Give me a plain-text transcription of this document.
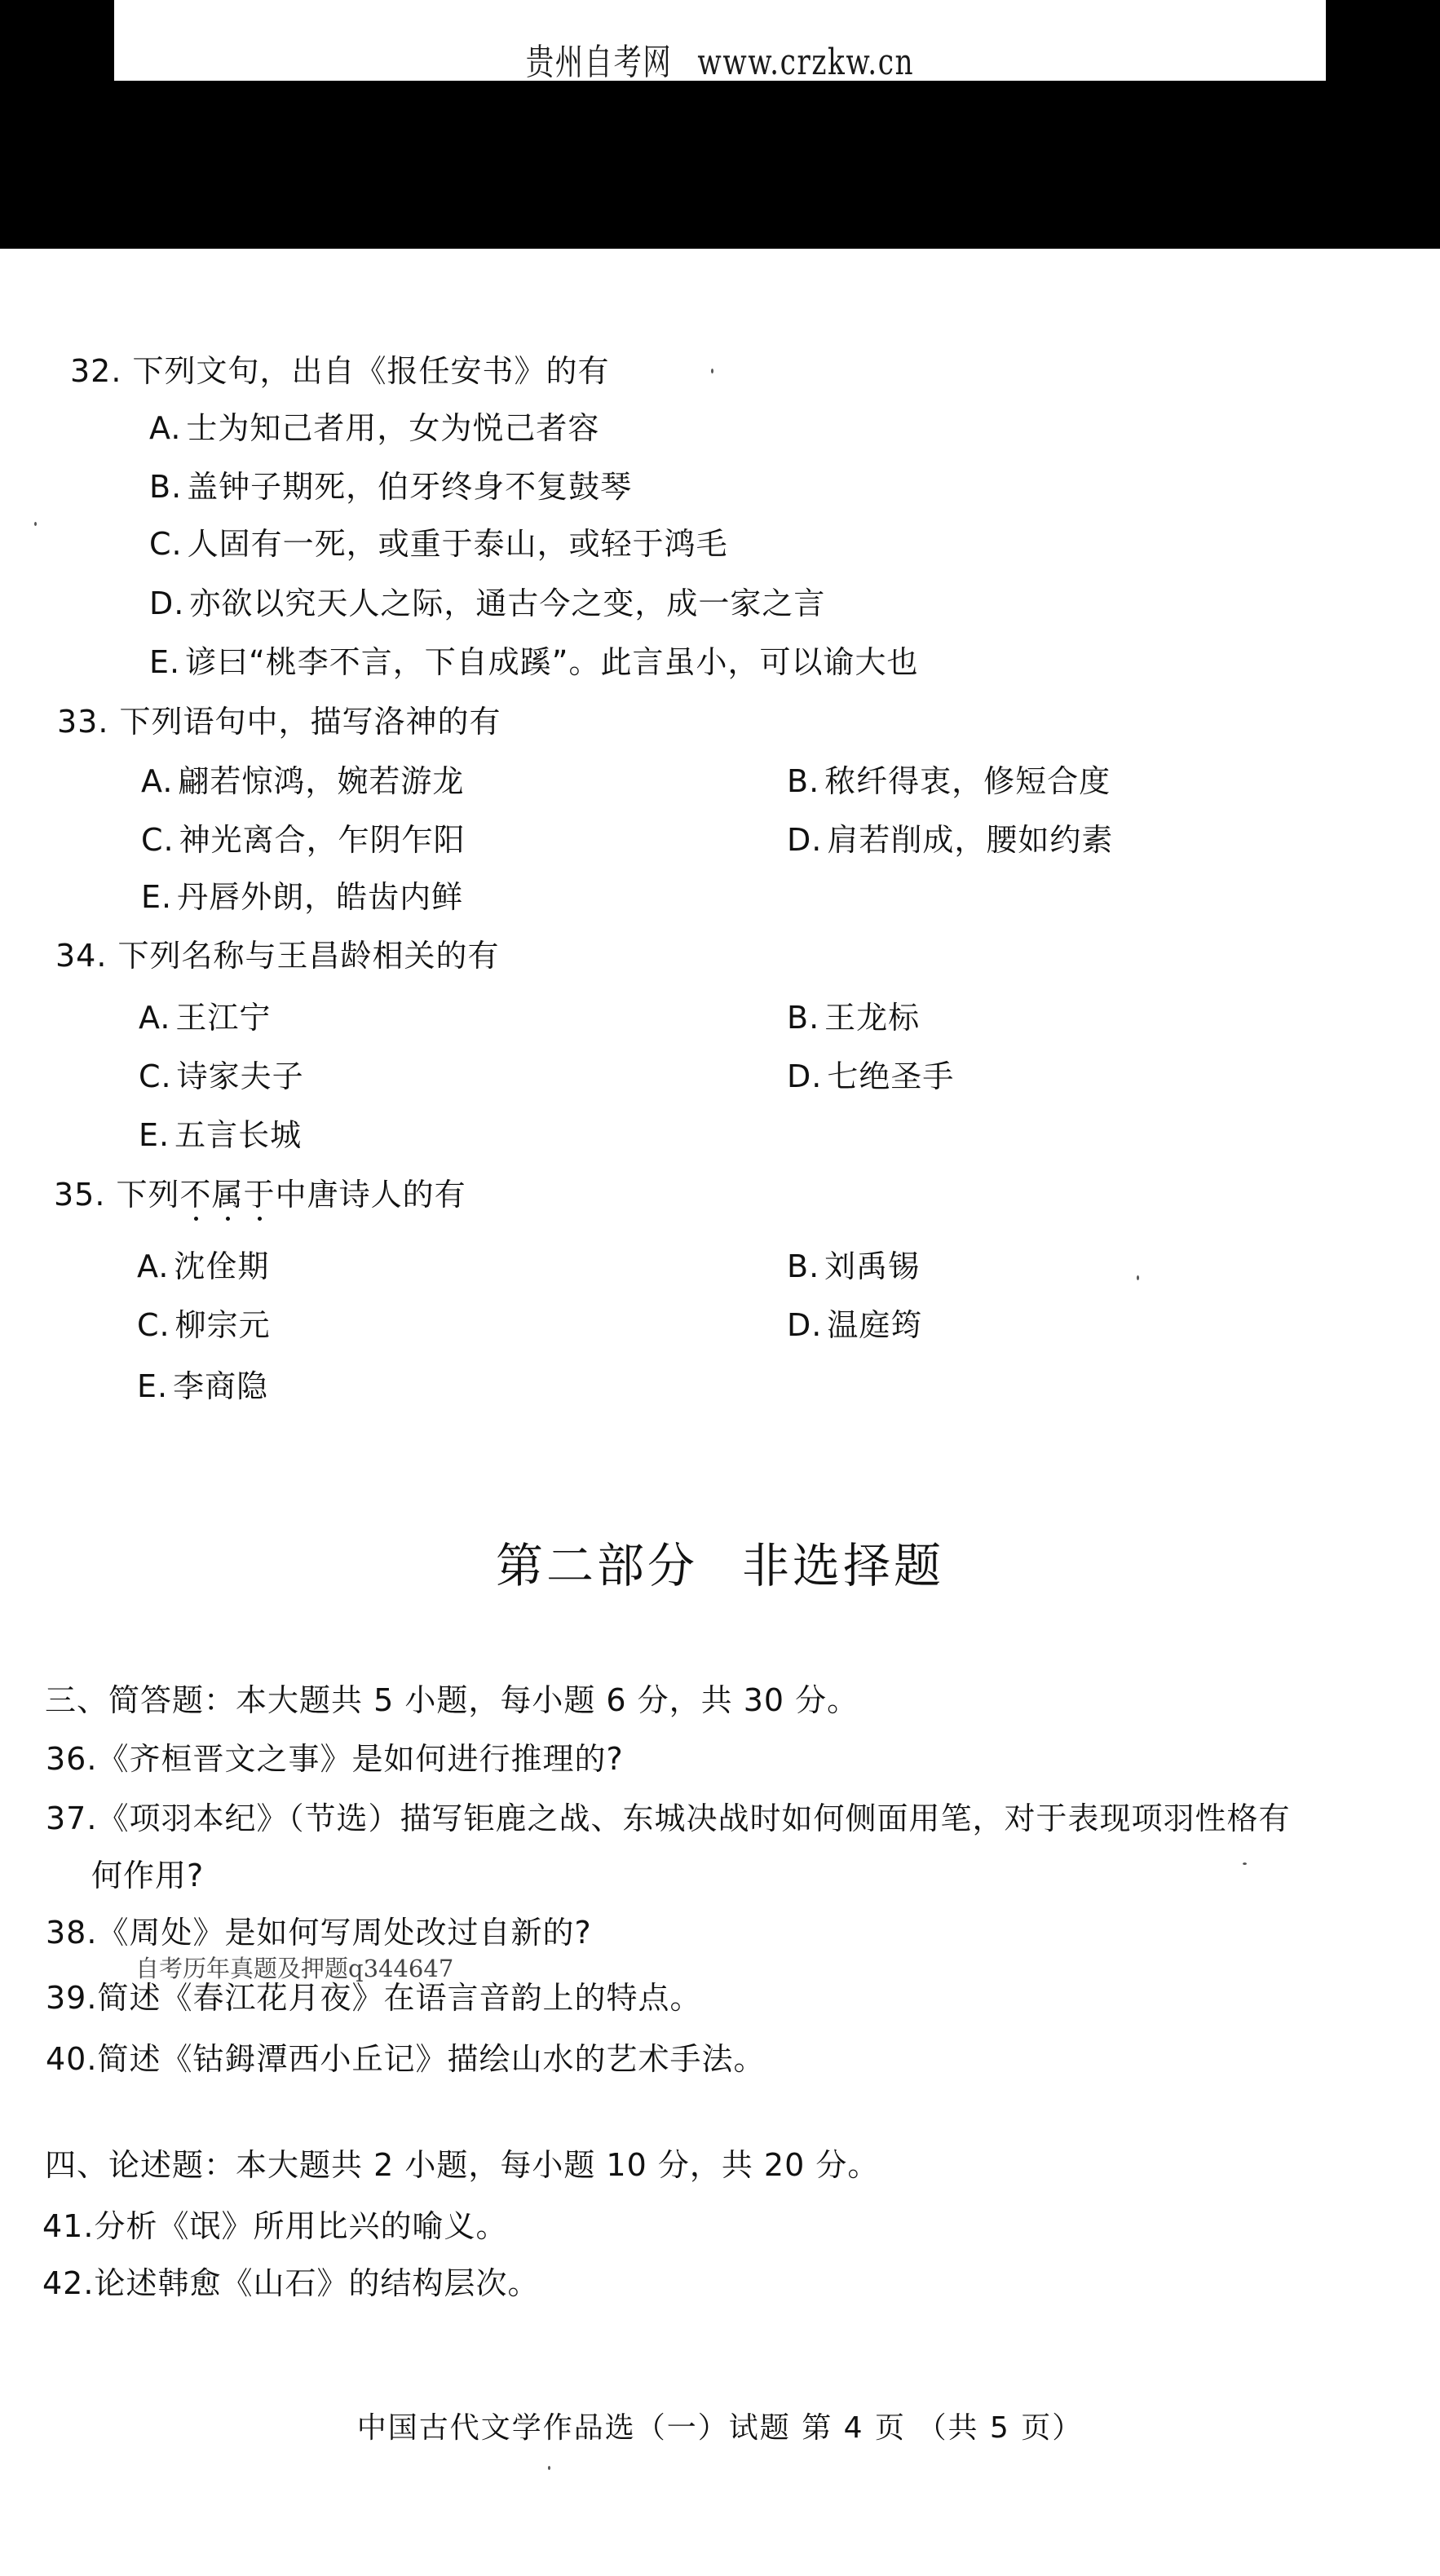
贵州自考网 www.crzkw.cn
32. 下列文句，出自《报任安书》的有
A. 士为知己者用，女为悦己者容
B. 盖钟子期死，伯牙终身不复鼓琴
C. 人固有一死，或重于泰山，或轻于鸿毛
D. 亦欲以究天人之际，通古今之变，成一家之言
E. 谚曰“桃李不言，下自成蹊”。此言虽小，可以谕大也
33. 下列语句中，描写洛神的有
A. 翩若惊鸿，婉若游龙	B. 秾纤得衷，修短合度
C. 神光离合，乍阴乍阳	D. 肩若削成，腰如约素
E. 丹唇外朗，皓齿内鲜
34. 下列名称与王昌龄相关的有
A. 王江宁	B. 王龙标
C. 诗家夫子	D. 七绝圣手
E. 五言长城
35. 下列不属于中唐诗人的有
A. 沈佺期	B. 刘禹锡
C. 柳宗元	D. 温庭筠
E. 李商隐
第二部分 非选择题
三、简答题：本大题共 5 小题，每小题 6 分，共 30 分。
36.《齐桓晋文之事》是如何进行推理的?
37.《项羽本纪》（节选）描写钜鹿之战、东城决战时如何侧面用笔，对于表现项羽性格有
何作用?
38.《周处》是如何写周处改过自新的?
自考历年真题及押题q344647
39.简述《春江花月夜》在语言音韵上的特点。
40.简述《钴鉧潭西小丘记》描绘山水的艺术手法。
四、论述题：本大题共 2 小题，每小题 10 分，共 20 分。
41.分析《氓》所用比兴的喻义。
42.论述韩愈《山石》的结构层次。
中国古代文学作品选（一）试题 第 4 页 （共 5 页）
